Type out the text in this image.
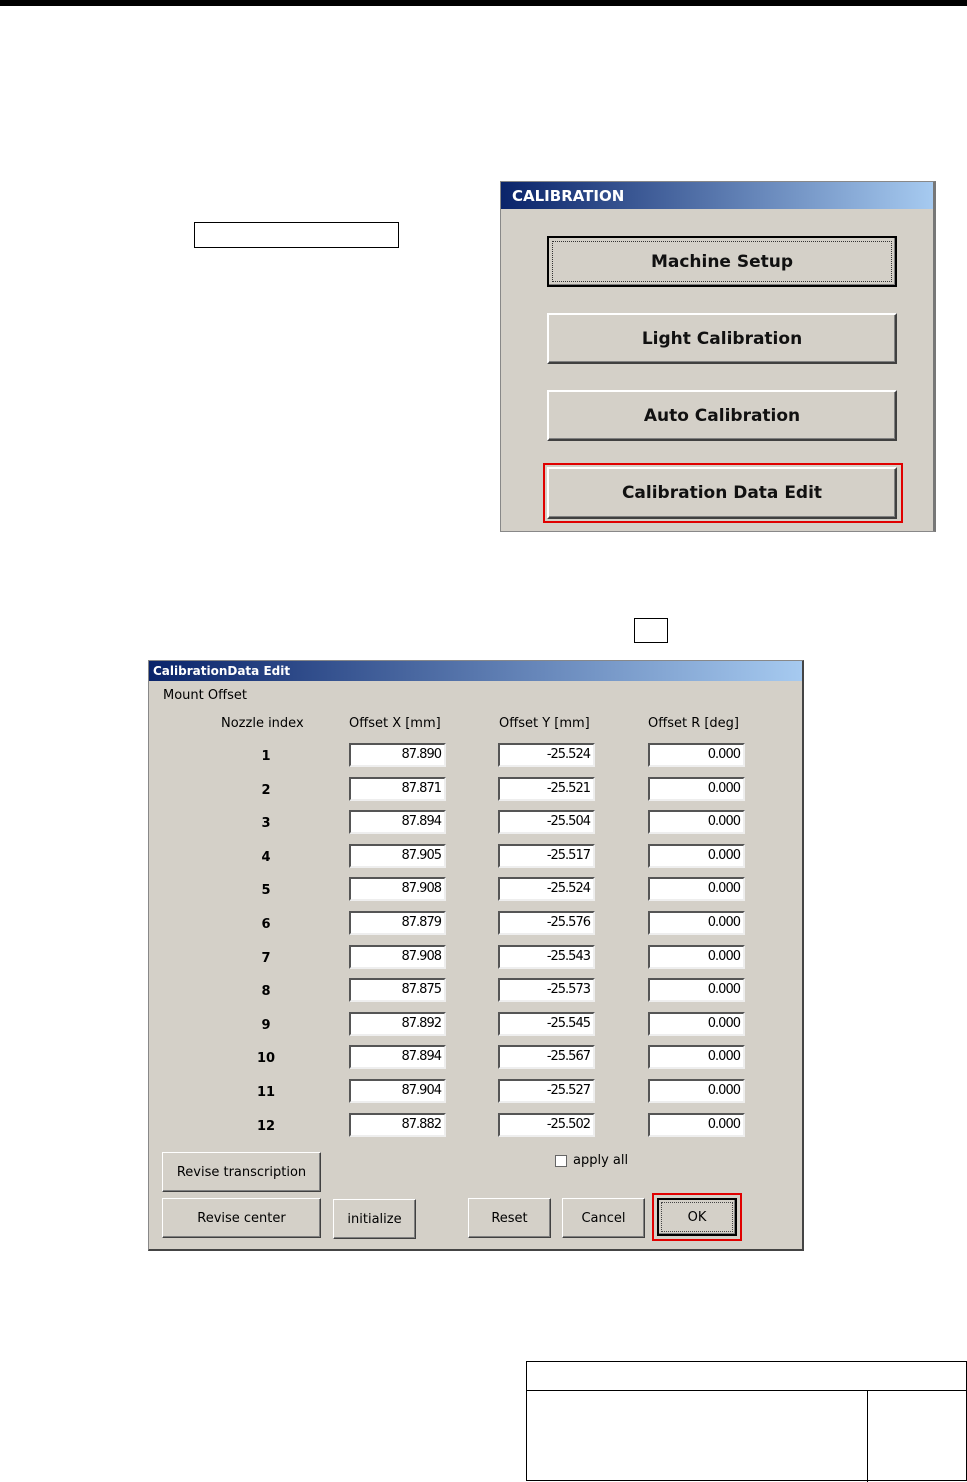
CALIBRATION
Machine Setup
Light Calibration
Auto Calibration
Calibration Data Edit
CalibrationData Edit
Mount Offset
Nozzle index	Offset X [mm]	Offset Y [mm]	Offset R [deg]
1	87.890	-25.524	0.000
2	87.871	-25.521	0.000
3	87.894	-25.504	0.000
4	87.905	-25.517	0.000
5	87.908	-25.524	0.000
6	87.879	-25.576	0.000
7	87.908	-25.543	0.000
8	87.875	-25.573	0.000
9	87.892	-25.545	0.000
10	87.894	-25.567	0.000
11	87.904	-25.527	0.000
12	87.882	-25.502	0.000
Revise transcription
apply all
Revise center	initialize	Reset	Cancel	OK
